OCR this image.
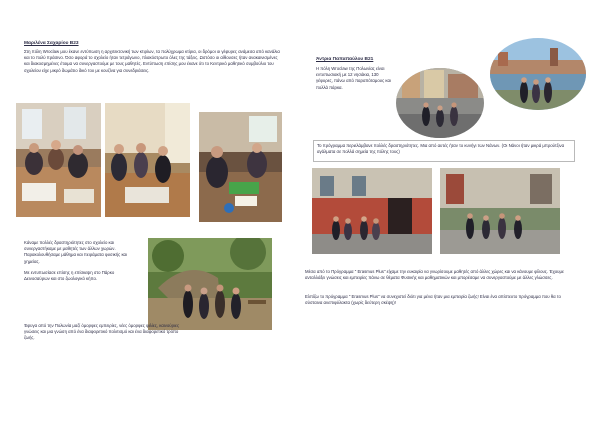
Μαριλένα Σαχαρίου Β23
Στη πόλη Wroclaw μου έκανε εντύπωση η αρχιτεκτονική των κτιρίων, τα πολύχρωμα κτίρια, οι δρόμοι οι γέφυρες ανάμεσα από κανάλια και το πολύ πράσινο. Όσο αφορά το σχολείο ήταν τετράγωνο, πλακόστρωτο όλες της τάξεις. Ωστόσο οι αίθουσες ήταν ανακαινισμένες και διακοσμημένες έτοιμα να συνεργαστούμε με τους μαθητές. Εντύπωση επίσης μου έκανε ότι το Κεντρικό μαθητικό συμβούλιο του σχολείου είχε μικρό δωμάτιο δικό του με κουζίνα για συνεδριάσεις.
Κάναμε πολλές δραστηριότητες στο σχολείο και συνεργαστήκαμε με μαθητές των άλλων χωρών. Παρακολουθήσαμε μάθημα και πειράματα φυσικής και χημείας.
Με εντυπωσίασε επίσης η επίσκεψη στο Πάρκο Δεινοσαύρων και στο ζωολογικό κήπο.
Έφυγα από την Πολωνία μαζί όμορφες εμπειρίες, νέες όμορφες φιλίες, καινούριες γνώσεις και μια γνώση από ένα διαφορετικό πολιτισμό και ένα διαφορετικό τρόπο ζωής.
Άντρια Παπαπαύλου Β21
Η πόλη Wroclaw της Πολωνίας είναι εντυπωσιακή με 12 νησάκια, 130 γέφυρες, πάνω από παραπόταμους και πολλά πάρκα.
Το πρόγραμμα περιελάμβανε πολλές δραστηριότητες. Μια από αυτές ήταν το κυνήγι των Νάνων. (Οι Νάνοι ήταν μικρά μπρούτζινα αγάλματα σε πολλά σημεία της πόλης τους)
Μέσα από το Πρόγραμμα " Erasmus Plus" είχαμε την ευκαιρία να γνωρίσουμε μαθητές από άλλες χώρες και να κάνουμε φίλους. Έχουμε ανταλλάξει γνώσεις και εμπειρίες πάνω σε θέματα Φυσικής και μαθηματικών και μπορέσαμε να συνεργαστούμε με άλλες γλώσσες.
Ελπίζω το πρόγραμμα " Erasmus Plus" να συνεχιστεί διότι για μένα ήταν μια εμπειρία ζωής! Είναι ένα απίστευτο πρόγραμμα που θα το σύσταινα ανεπιφύλακτα (χωρίς δεύτερη σκέψη)!
